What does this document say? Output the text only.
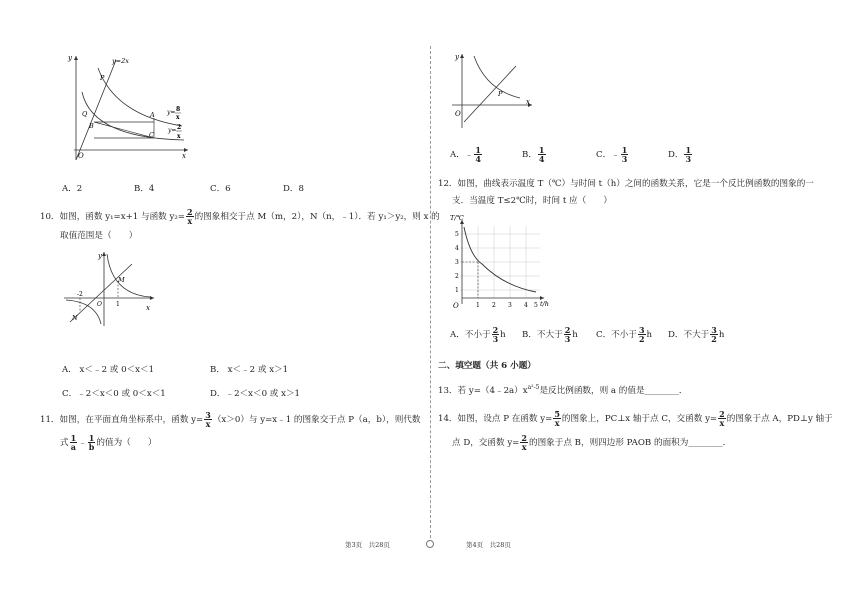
y
x
O
y=2x
P
Q
B
A
C
y= 8
x
y= 2
x
A．2	B．4	C．6	D．8
10．如图，函数 y₁=x+1 与函数 $y_2= \frac{2}{x}$ 的图象相交于点 M（m，2），N（n，﹣1）．若 y₁＞y₂，则 x 的
取值范围是（　　）
y
x
M
N
-2
O 1
A． x＜﹣2 或 0＜x＜1	B． x＜﹣2 或 x＞1
C．﹣2＜x＜0 或 0＜x＜1	D．﹣2＜x＜0 或 x＞1
11．如图，在平面直角坐标系中，函数 $y= \frac{3}{x} (x>0)$与 y=x﹣1 的图象交于点 P（a，b），则代数
式 $\frac{1}{a}$ ﹣ $\frac{1}{b}$ 的值为（　　）
第3页　共28页
y
x
O
P
A．﹣ $\frac{1}{4}$	B． $\frac{1}{4}$	C．﹣ $\frac{1}{3}$	D． $\frac{1}{3}$
12．如图，曲线表示温度 T（℃）与时间 t（h）之间的函数关系，它是一个反比例函数的图象的一
支．当温度 T≤2℃时，时间 t 应（　　）
T/℃
t/h
O
1
2
3
4
5
1 2 3 4 5
A．不小于 $\frac{2}{3}$ h B．不大于 $\frac{2}{3}$ h C．不小于 $\frac{3}{2}$ h D．不大于 $\frac{3}{2}$ h
二、填空题（共 6 小题）
13．若 $y=(4﹣2a)x^{a^2-5}$是反比例函数，则 a 的值是________．
14．如图，设点 P 在函数 $y= \frac{5}{x}$ 的图象上，PC⊥x 轴于点 C，交函数 $y= \frac{2}{x}$ 的图象于点 A，PD⊥y 轴于
点 D，交函数 $y= \frac{2}{x}$ 的图象于点 B，则四边形 PAOB 的面积为________．
第4页　共28页
